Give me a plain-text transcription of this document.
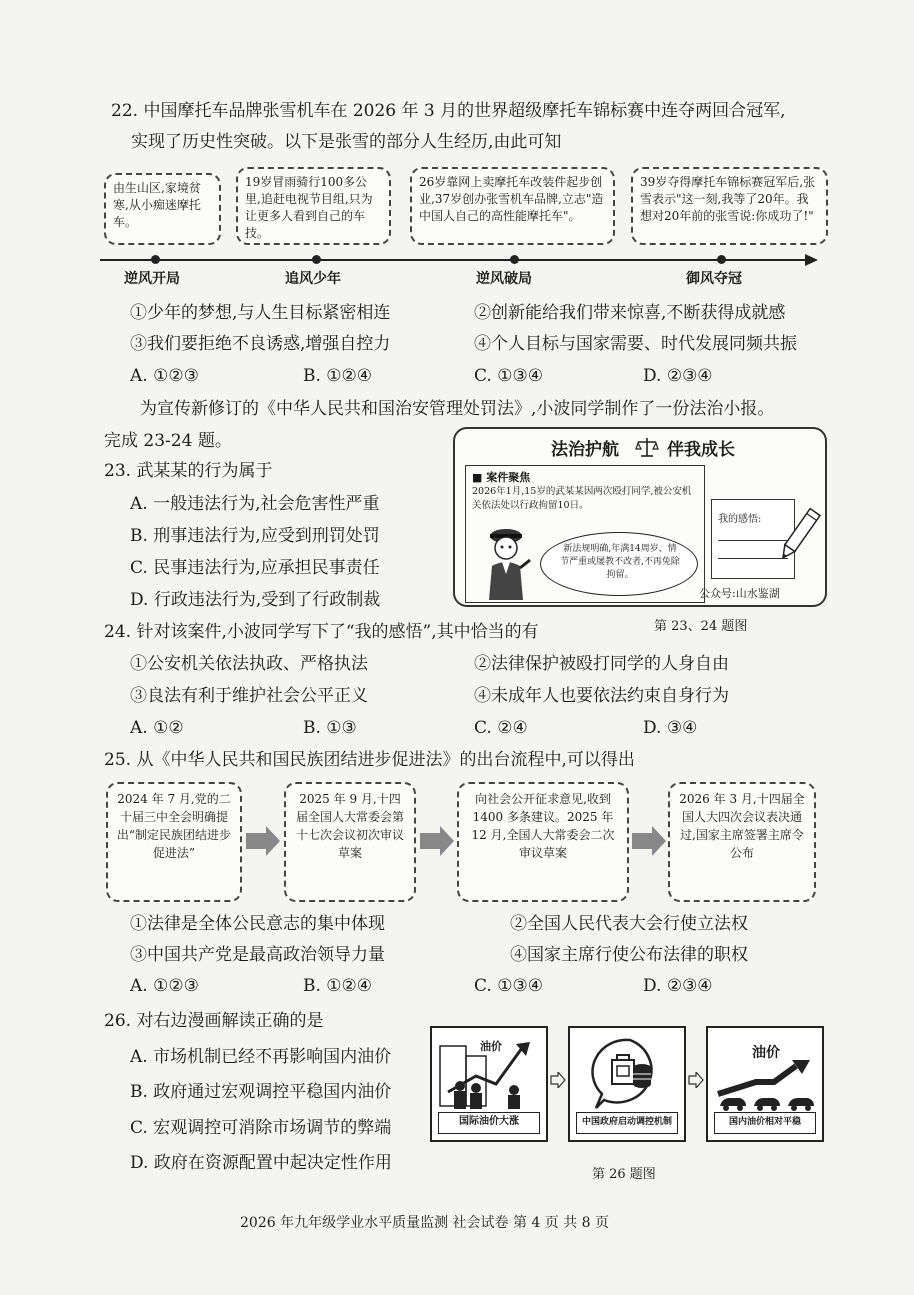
22. 中国摩托车品牌张雪机车在 2026 年 3 月的世界超级摩托车锦标赛中连夺两回合冠军,
实现了历史性突破。以下是张雪的部分人生经历,由此可知
由生山区,家境贫寒,从小痴迷摩托车。
19岁冒雨骑行100多公里,追赶电视节目组,只为让更多人看到自己的车技。
26岁靠网上卖摩托车改装件起步创业,37岁创办张雪机车品牌,立志"造中国人自己的高性能摩托车"。
39岁夺得摩托车锦标赛冠军后,张雪表示"这一刻,我等了20年。我想对20年前的张雪说:你成功了!"
逆风开局	追风少年	逆风破局	御风夺冠
①少年的梦想,与人生目标紧密相连	②创新能给我们带来惊喜,不断获得成就感
③我们要拒绝不良诱惑,增强自控力	④个人目标与国家需要、时代发展同频共振
A. ①②③	B. ①②④	C. ①③④	D. ②③④
为宣传新修订的《中华人民共和国治安管理处罚法》,小波同学制作了一份法治小报。
完成 23-24 题。
23. 武某某的行为属于
A. 一般违法行为,社会危害性严重
B. 刑事违法行为,应受到刑罚处罚
C. 民事违法行为,应承担民事责任
D. 行政违法行为,受到了行政制裁
法治护航	伴我成长
■ 案件聚焦
2026年1月,15岁的武某某因两次殴打同学,被公安机关依法处以行政拘留10日。
新法规明确,年满14周岁、情节严重或屡教不改者,不再免除拘留。
我的感悟:
公众号:山水鉴湖
第 23、24 题图
24. 针对该案件,小波同学写下了“我的感悟”,其中恰当的有
①公安机关依法执政、严格执法	②法律保护被殴打同学的人身自由
③良法有利于维护社会公平正义	④未成年人也要依法约束自身行为
A. ①②	B. ①③	C. ②④	D. ③④
25. 从《中华人民共和国民族团结进步促进法》的出台流程中,可以得出
2024 年 7 月,党的二十届三中全会明确提出“制定民族团结进步促进法”
2025 年 9 月,十四届全国人大常委会第十七次会议初次审议草案
向社会公开征求意见,收到 1400 多条建议。2025 年 12 月,全国人大常委会二次审议草案
2026 年 3 月,十四届全国人大四次会议表决通过,国家主席签署主席令公布
①法律是全体公民意志的集中体现	②全国人民代表大会行使立法权
③中国共产党是最高政治领导力量	④国家主席行使公布法律的职权
A. ①②③	B. ①②④	C. ①③④	D. ②③④
26. 对右边漫画解读正确的是
A. 市场机制已经不再影响国内油价
B. 政府通过宏观调控平稳国内油价
C. 宏观调控可消除市场调节的弊端
D. 政府在资源配置中起决定性作用
油价
国际油价大涨	中国政府启动调控机制
油价
国内油价相对平稳
第 26 题图
2026 年九年级学业水平质量监测 社会试卷 第 4 页 共 8 页
